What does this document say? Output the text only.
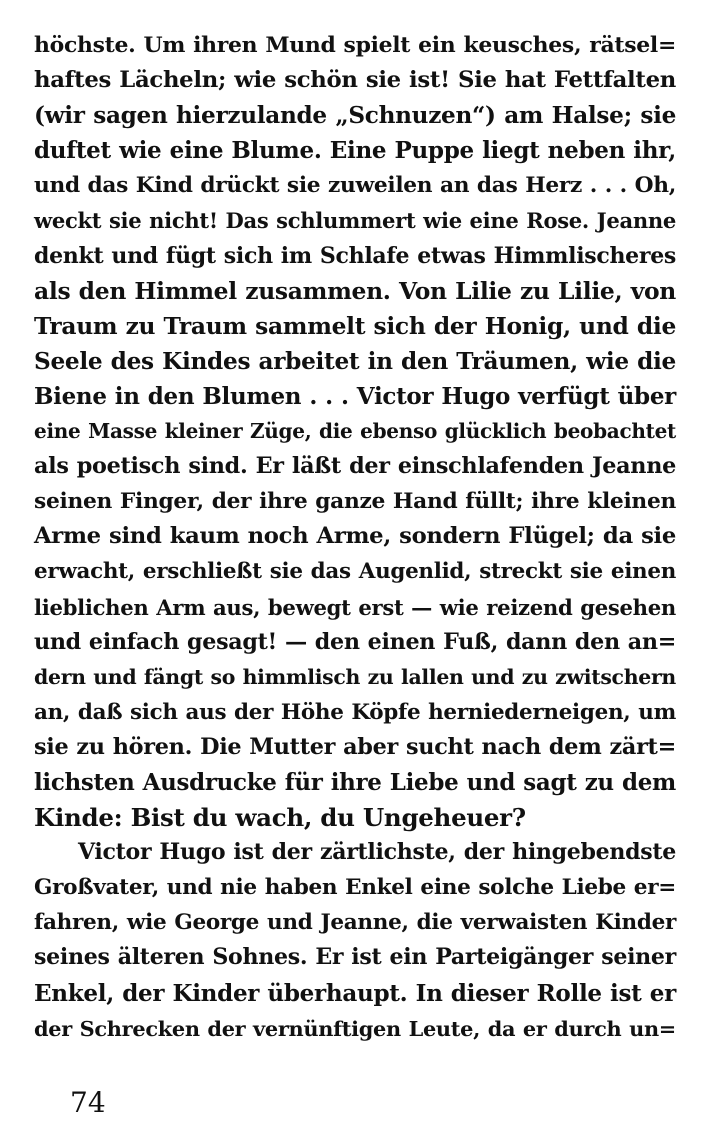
höchste. Um ihren Mund spielt ein keusches, rätsel=
haftes Lächeln; wie schön sie ist! Sie hat Fettfalten
(wir sagen hierzulande „Schnuzen“) am Halse; sie
duftet wie eine Blume. Eine Puppe liegt neben ihr,
und das Kind drückt sie zuweilen an das Herz . . . Oh,
weckt sie nicht! Das schlummert wie eine Rose. Jeanne
denkt und fügt sich im Schlafe etwas Himmlischeres
als den Himmel zusammen. Von Lilie zu Lilie, von
Traum zu Traum sammelt sich der Honig, und die
Seele des Kindes arbeitet in den Träumen, wie die
Biene in den Blumen . . . Victor Hugo verfügt über
eine Masse kleiner Züge, die ebenso glücklich beobachtet
als poetisch sind. Er läßt der einschlafenden Jeanne
seinen Finger, der ihre ganze Hand füllt; ihre kleinen
Arme sind kaum noch Arme, sondern Flügel; da sie
erwacht, erschließt sie das Augenlid, streckt sie einen
lieblichen Arm aus, bewegt erst — wie reizend gesehen
und einfach gesagt! — den einen Fuß, dann den an=
dern und fängt so himmlisch zu lallen und zu zwitschern
an, daß sich aus der Höhe Köpfe herniederneigen, um
sie zu hören. Die Mutter aber sucht nach dem zärt=
lichsten Ausdrucke für ihre Liebe und sagt zu dem
Kinde: Bist du wach, du Ungeheuer?
Victor Hugo ist der zärtlichste, der hingebendste
Großvater, und nie haben Enkel eine solche Liebe er=
fahren, wie George und Jeanne, die verwaisten Kinder
seines älteren Sohnes. Er ist ein Parteigänger seiner
Enkel, der Kinder überhaupt. In dieser Rolle ist er
der Schrecken der vernünftigen Leute, da er durch un=
74
